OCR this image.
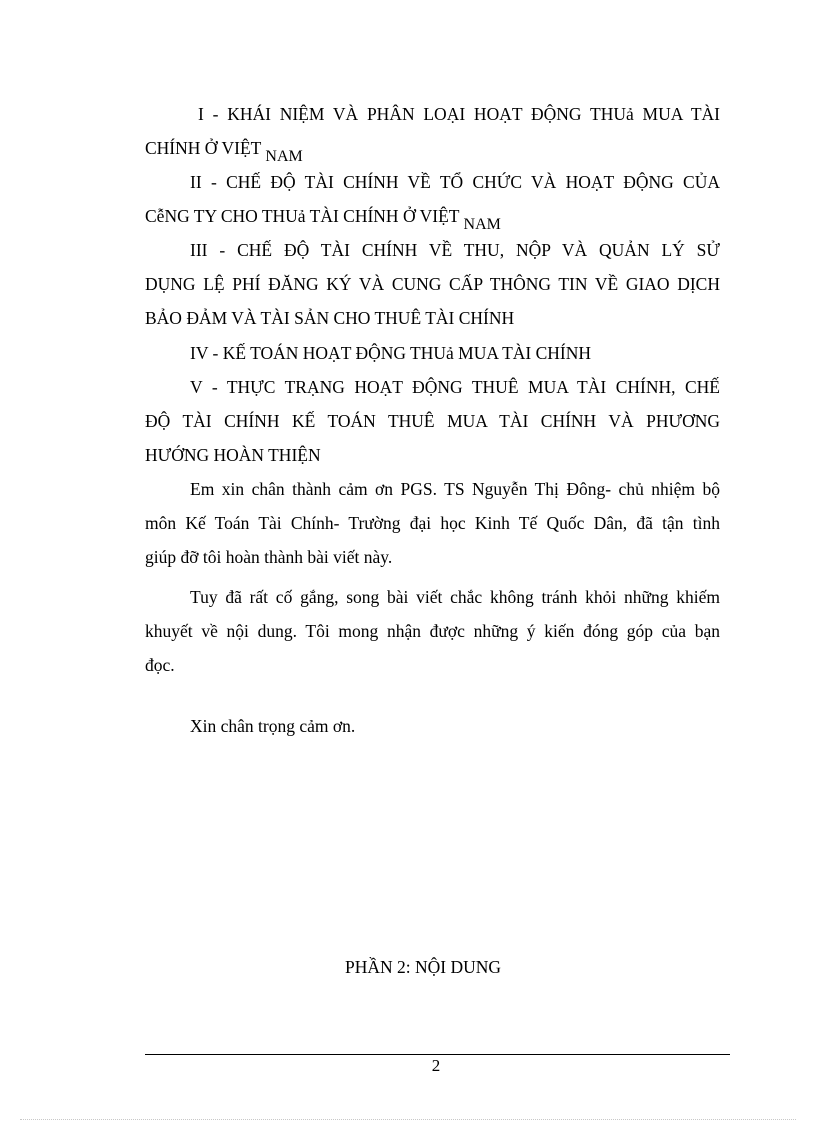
I - KHÁI NIỆM VÀ PHÂN LOẠI HOẠT ĐỘNG THUả MUA TÀI
CHÍNH Ở VIỆT NAM
II - CHẾ ĐỘ TÀI CHÍNH VỀ TỔ CHỨC VÀ HOẠT ĐỘNG CỦA
CễNG TY CHO THUả TÀI CHÍNH Ở VIỆT NAM
III - CHẾ ĐỘ TÀI CHÍNH VỀ THU, NỘP VÀ QUẢN LÝ SỬ
DỤNG LỆ PHÍ ĐĂNG KÝ VÀ CUNG CẤP THÔNG TIN VỀ GIAO DỊCH
BẢO ĐẢM VÀ TÀI SẢN CHO THUÊ TÀI CHÍNH
IV - KẾ TOÁN HOẠT ĐỘNG THUả MUA TÀI CHÍNH
V - THỰC TRẠNG HOẠT ĐỘNG THUÊ MUA TÀI CHÍNH, CHẾ
ĐỘ TÀI CHÍNH KẾ TOÁN THUÊ MUA TÀI CHÍNH VÀ PHƯƠNG
HƯỚNG HOÀN THIỆN
Em xin chân thành cảm ơn PGS. TS Nguyễn Thị Đông- chủ nhiệm bộ
môn Kế Toán Tài Chính- Trường đại học Kinh Tế Quốc Dân, đã tận tình
giúp đỡ tôi hoàn thành bài viết này.
Tuy đã rất cố gắng, song bài viết chắc không tránh khỏi những khiếm
khuyết về nội dung. Tôi mong nhận được những ý kiến đóng góp của bạn
đọc.
Xin chân trọng cảm ơn.
PHẦN 2: NỘI DUNG
2
